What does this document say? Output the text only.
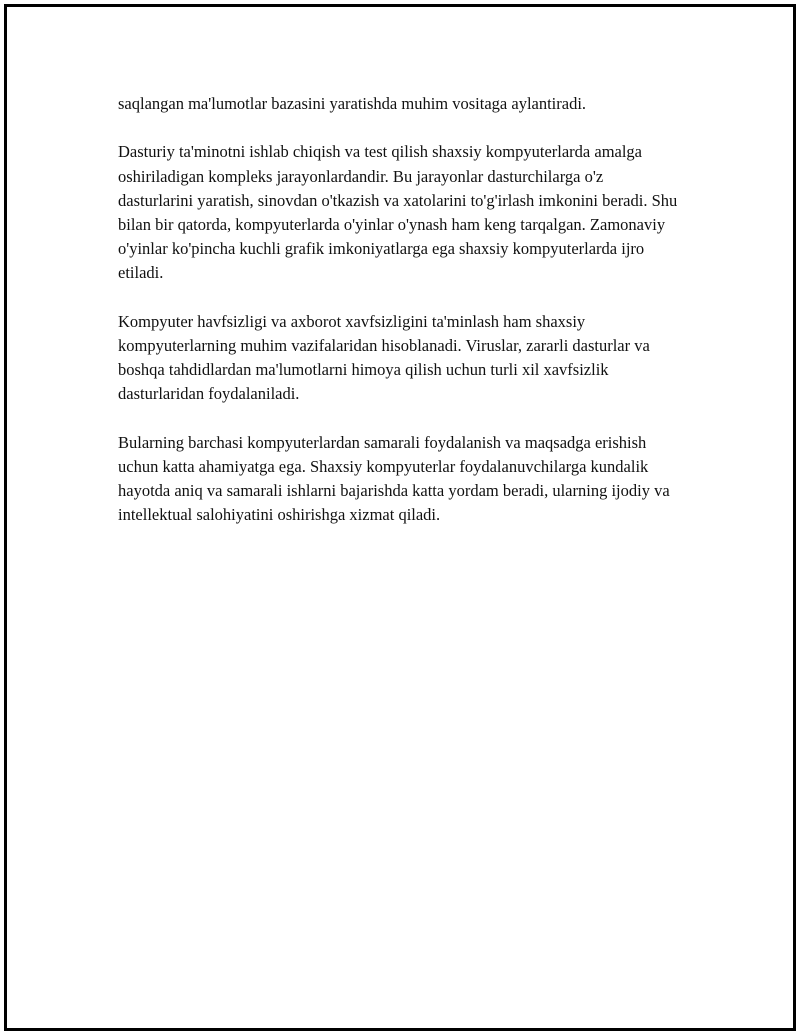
saqlangan ma'lumotlar bazasini yaratishda muhim vositaga aylantiradi.

Dasturiy ta'minotni ishlab chiqish va test qilish shaxsiy kompyuterlarda amalga oshiriladigan kompleks jarayonlardandir. Bu jarayonlar dasturchilarga o'z dasturlarini yaratish, sinovdan o'tkazish va xatolarini to'g'irlash imkonini beradi. Shu bilan bir qatorda, kompyuterlarda o'yinlar o'ynash ham keng tarqalgan. Zamonaviy o'yinlar ko'pincha kuchli grafik imkoniyatlarga ega shaxsiy kompyuterlarda ijro etiladi.

Kompyuter havfsizligi va axborot xavfsizligini ta'minlash ham shaxsiy kompyuterlarning muhim vazifalaridan hisoblanadi. Viruslar, zararli dasturlar va boshqa tahdidlardan ma'lumotlarni himoya qilish uchun turli xil xavfsizlik dasturlaridan foydalaniladi.

Bularning barchasi kompyuterlardan samarali foydalanish va maqsadga erishish uchun katta ahamiyatga ega. Shaxsiy kompyuterlar foydalanuvchilarga kundalik hayotda aniq va samarali ishlarni bajarishda katta yordam beradi, ularning ijodiy va intellektual salohiyatini oshirishga xizmat qiladi.
